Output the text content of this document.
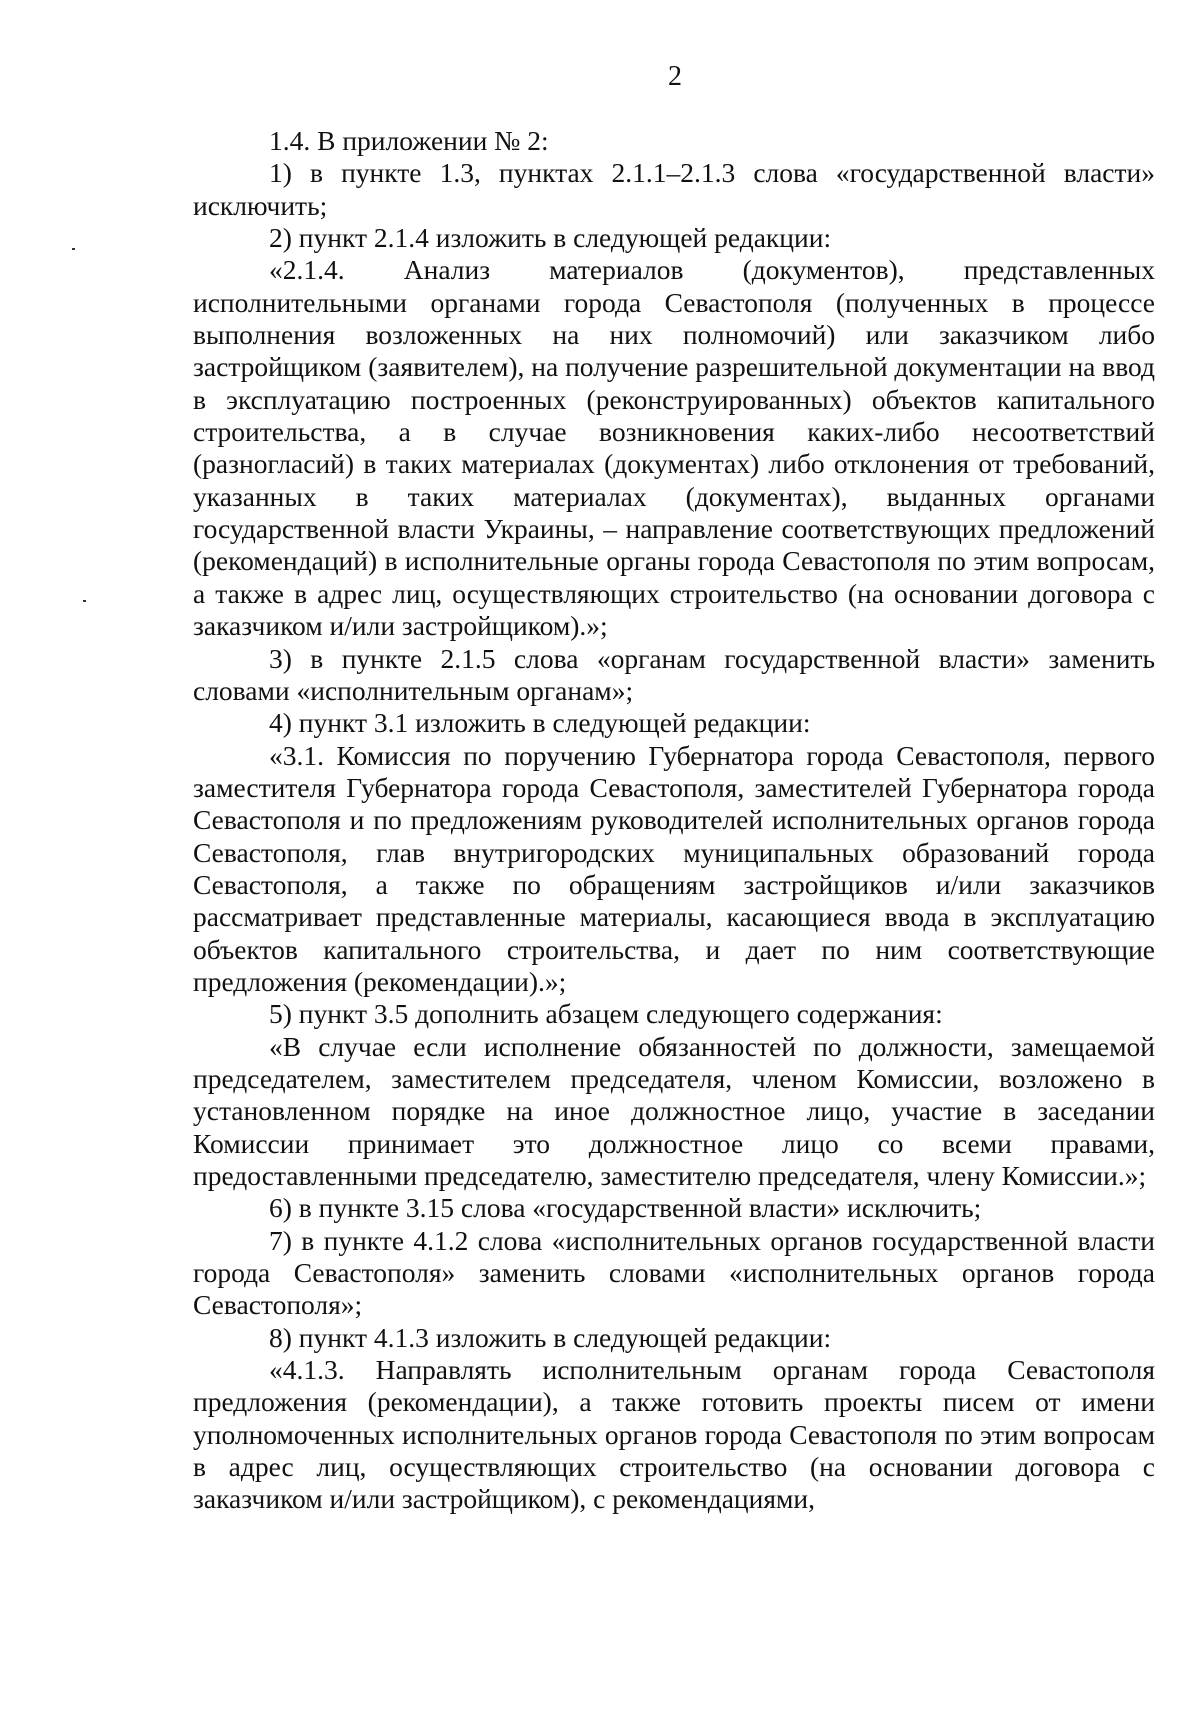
2

1.4. В приложении № 2:

1) в пункте 1.3, пунктах 2.1.1–2.1.3 слова «государственной власти» исключить;

2) пункт 2.1.4 изложить в следующей редакции:

«2.1.4. Анализ материалов (документов), представленных исполнительными органами города Севастополя (полученных в процессе выполнения возложенных на них полномочий) или заказчиком либо застройщиком (заявителем), на получение разрешительной документации на ввод в эксплуатацию построенных (реконструированных) объектов капитального строительства, а в случае возникновения каких-либо несоответствий (разногласий) в таких материалах (документах) либо отклонения от требований, указанных в таких материалах (документах), выданных органами государственной власти Украины, – направление соответствующих предложений (рекомендаций) в исполнительные органы города Севастополя по этим вопросам, а также в адрес лиц, осуществляющих строительство (на основании договора с заказчиком и/или застройщиком).»;

3) в пункте 2.1.5 слова «органам государственной власти» заменить словами «исполнительным органам»;

4) пункт 3.1 изложить в следующей редакции:

«3.1. Комиссия по поручению Губернатора города Севастополя, первого заместителя Губернатора города Севастополя, заместителей Губернатора города Севастополя и по предложениям руководителей исполнительных органов города Севастополя, глав внутригородских муниципальных образований города Севастополя, а также по обращениям застройщиков и/или заказчиков рассматривает представленные материалы, касающиеся ввода в эксплуатацию объектов капитального строительства, и дает по ним соответствующие предложения (рекомендации).»;

5) пункт 3.5 дополнить абзацем следующего содержания:

«В случае если исполнение обязанностей по должности, замещаемой председателем, заместителем председателя, членом Комиссии, возложено в установленном порядке на иное должностное лицо, участие в заседании Комиссии принимает это должностное лицо со всеми правами, предоставленными председателю, заместителю председателя, члену Комиссии.»;

6) в пункте 3.15 слова «государственной власти» исключить;

7) в пункте 4.1.2 слова «исполнительных органов государственной власти города Севастополя» заменить словами «исполнительных органов города Севастополя»;

8) пункт 4.1.3 изложить в следующей редакции:

«4.1.3. Направлять исполнительным органам города Севастополя предложения (рекомендации), а также готовить проекты писем от имени уполномоченных исполнительных органов города Севастополя по этим вопросам в адрес лиц, осуществляющих строительство (на основании договора с заказчиком и/или застройщиком), с рекомендациями,
